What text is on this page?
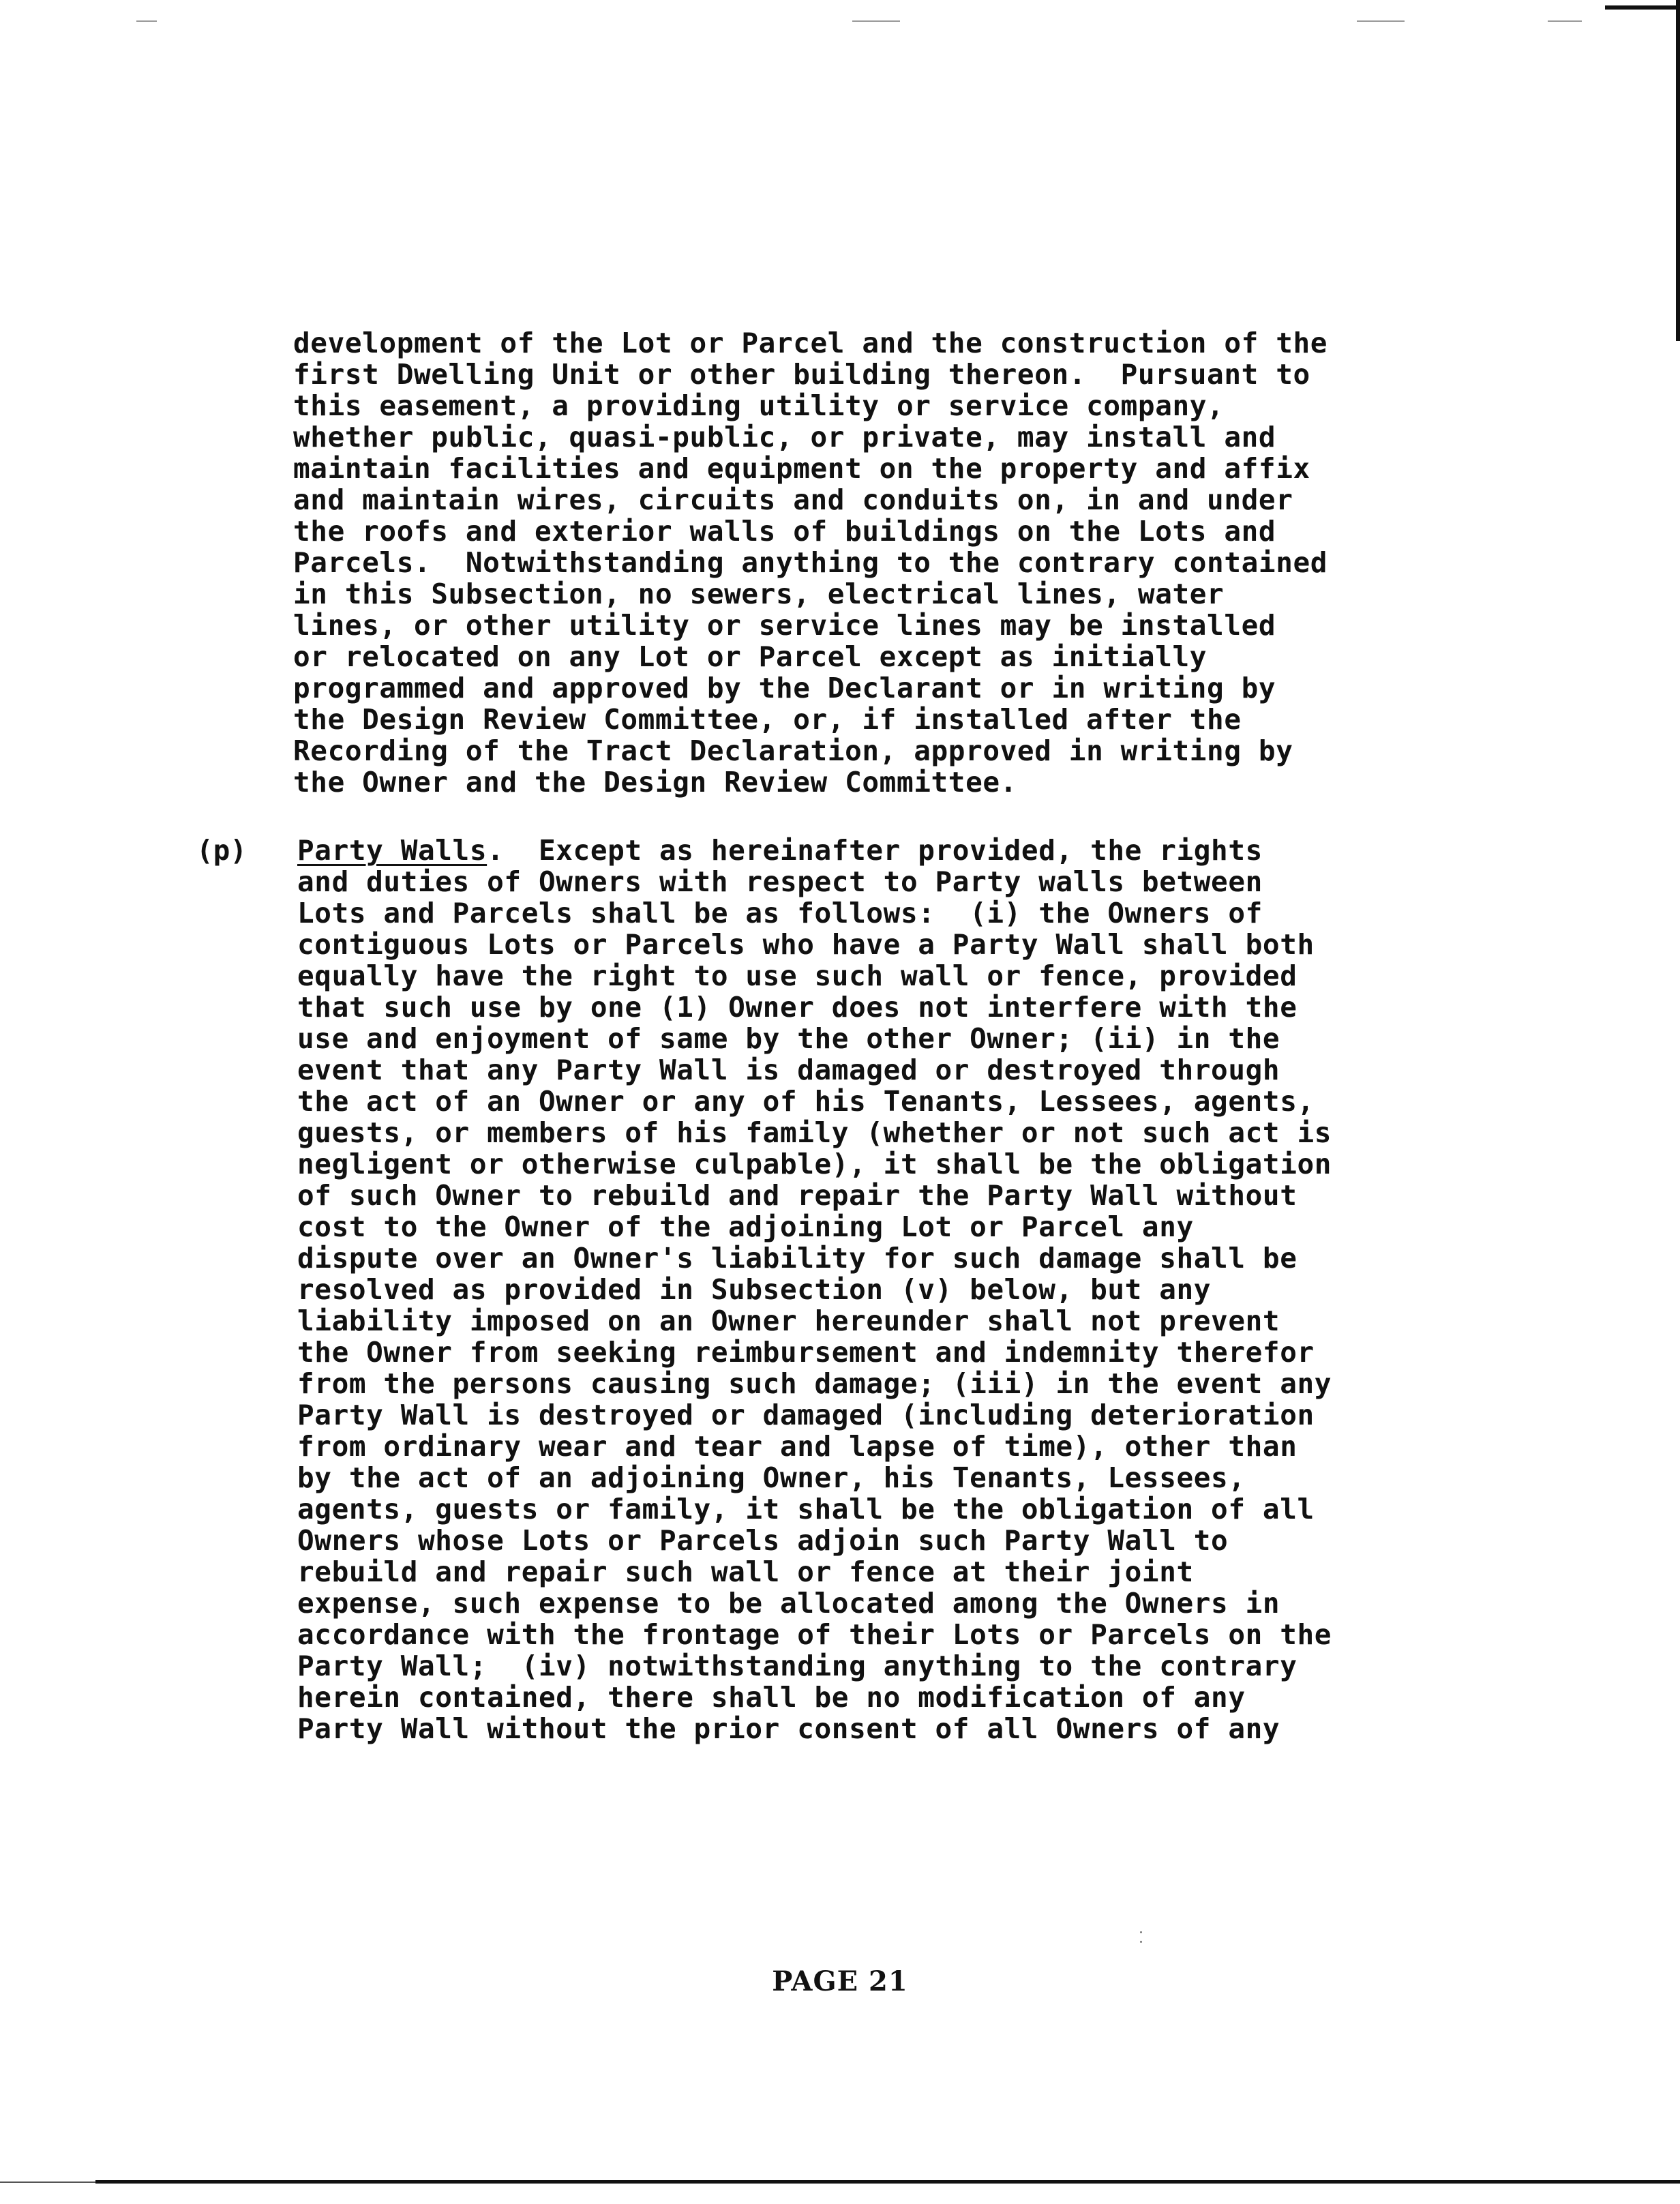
development of the Lot or Parcel and the construction of the
first Dwelling Unit or other building thereon.  Pursuant to
this easement, a providing utility or service company,
whether public, quasi-public, or private, may install and
maintain facilities and equipment on the property and affix
and maintain wires, circuits and conduits on, in and under
the roofs and exterior walls of buildings on the Lots and
Parcels.  Notwithstanding anything to the contrary contained
in this Subsection, no sewers, electrical lines, water
lines, or other utility or service lines may be installed
or relocated on any Lot or Parcel except as initially
programmed and approved by the Declarant or in writing by
the Design Review Committee, or, if installed after the
Recording of the Tract Declaration, approved in writing by
the Owner and the Design Review Committee.
(p) Party Walls.  Except as hereinafter provided, the rights
and duties of Owners with respect to Party walls between
Lots and Parcels shall be as follows:  (i) the Owners of
contiguous Lots or Parcels who have a Party Wall shall both
equally have the right to use such wall or fence, provided
that such use by one (1) Owner does not interfere with the
use and enjoyment of same by the other Owner; (ii) in the
event that any Party Wall is damaged or destroyed through
the act of an Owner or any of his Tenants, Lessees, agents,
guests, or members of his family (whether or not such act is
negligent or otherwise culpable), it shall be the obligation
of such Owner to rebuild and repair the Party Wall without
cost to the Owner of the adjoining Lot or Parcel any
dispute over an Owner's liability for such damage shall be
resolved as provided in Subsection (v) below, but any
liability imposed on an Owner hereunder shall not prevent
the Owner from seeking reimbursement and indemnity therefor
from the persons causing such damage; (iii) in the event any
Party Wall is destroyed or damaged (including deterioration
from ordinary wear and tear and lapse of time), other than
by the act of an adjoining Owner, his Tenants, Lessees,
agents, guests or family, it shall be the obligation of all
Owners whose Lots or Parcels adjoin such Party Wall to
rebuild and repair such wall or fence at their joint
expense, such expense to be allocated among the Owners in
accordance with the frontage of their Lots or Parcels on the
Party Wall;  (iv) notwithstanding anything to the contrary
herein contained, there shall be no modification of any
Party Wall without the prior consent of all Owners of any
PAGE 21
